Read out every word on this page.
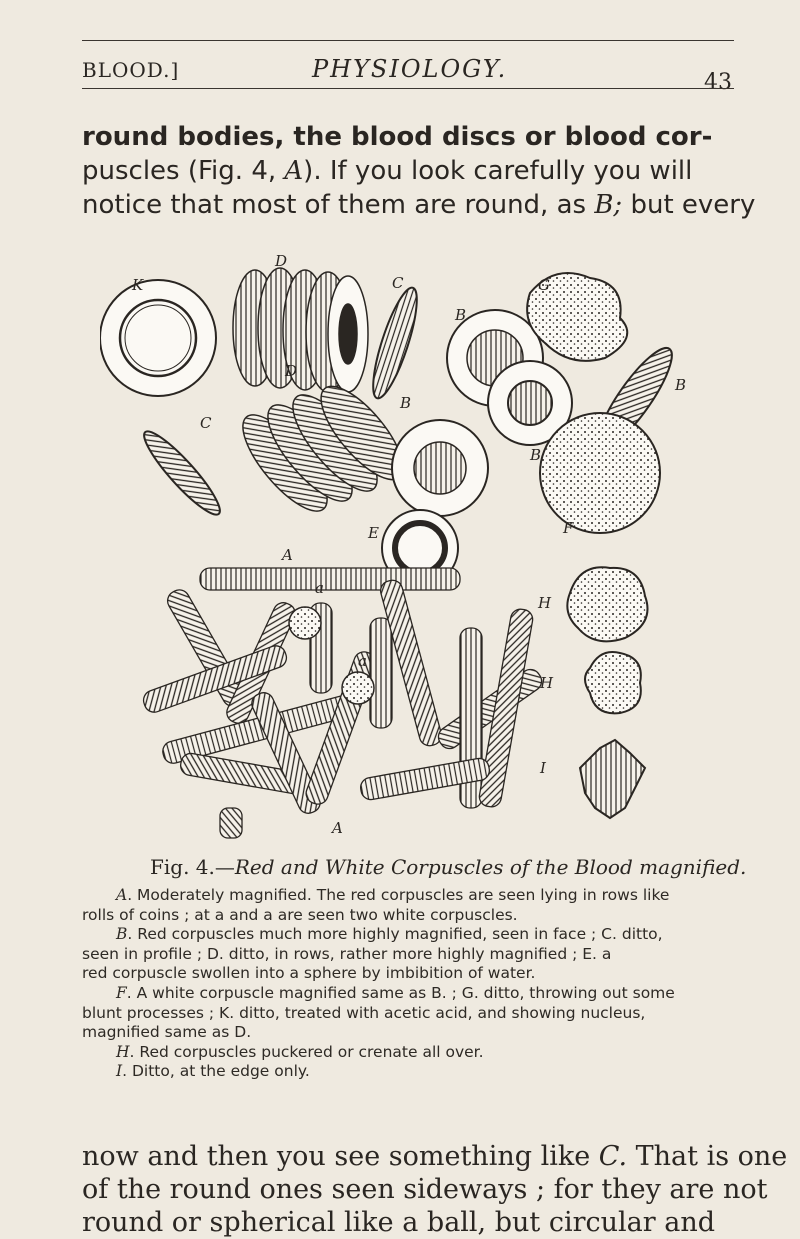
BLOOD.]	PHYSIOLOGY.	43
round bodies, the blood discs or blood cor-
puscles (Fig. 4, A). If you look carefully you will
notice that most of them are round, as B; but every
K
D
C	G
B
C
D
B
B
B
E	F
A
a
a
H
H
I
A
Fig. 4.—Red and White Corpuscles of the Blood magnified.
A. Moderately magnified. The red corpuscles are seen lying in rows like
rolls of coins ; at a and a are seen two white corpuscles.
B. Red corpuscles much more highly magnified, seen in face ; C. ditto,
seen in profile ; D. ditto, in rows, rather more highly magnified ; E. a
red corpuscle swollen into a sphere by imbibition of water.
F. A white corpuscle magnified same as B. ; G. ditto, throwing out some
blunt processes ; K. ditto, treated with acetic acid, and showing nucleus,
magnified same as D.
H. Red corpuscles puckered or crenate all over.
I. Ditto, at the edge only.
now and then you see something like C. That is one
of the round ones seen sideways ; for they are not
round or spherical like a ball, but circular and
